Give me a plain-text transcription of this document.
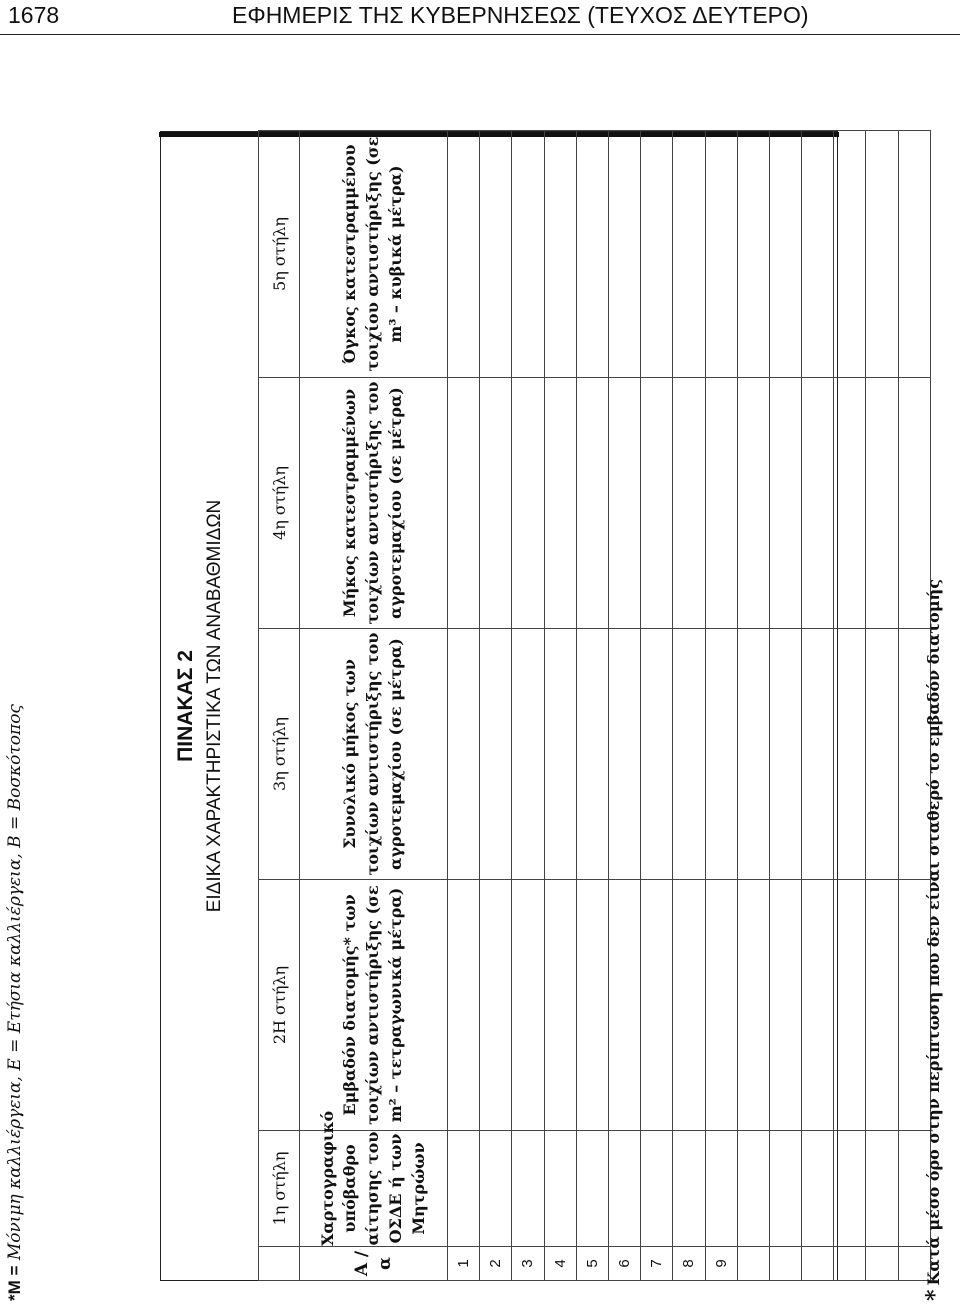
1678	ΕΦΗΜΕΡΙΣ ΤΗΣ ΚΥΒΕΡΝΗΣΕΩΣ (ΤΕΥΧΟΣ ΔΕΥΤΕΡΟ)
*Μ = Μόνιμη καλλιέργεια, Ε = Ετήσια καλλιέργεια, Β = Βοσκότοπος	ΠΙΝΑΚΑΣ 2 ΕΙΔΙΚΑ ΧΑΡΑΚΤΗΡΙΣΤΙΚΑ ΤΩΝ ΑΝΑΒΑΘΜΙΔΩΝ
	1η στήλη	2Η στήλη	3η στήλη	4η στήλη	5η στήλη
Α / α	Χαρτογραφικό υπόβαθρο αίτησης του ΟΣΔΕ ή των Μητρώων	Εμβαδόν διατομής* των τοιχίων αντιστήριξης (σε m² – τετραγωνικά μέτρα)	Συνολικό μήκος των τοιχίων αντιστήριξης του αγροτεμαχίου (σε μέτρα)	Μήκος κατεστραμμένων τοιχίων αντιστήριξης του αγροτεμαχίου (σε μέτρα)	Όγκος κατεστραμμένου τοιχίου αντιστήριξης (σε m³ – κυβικά μέτρα)
1					
2					
3					
4					
5					
6					
7					
8					
9					

*Κατά μέσο όρο στην περίπτωση που δεν είναι σταθερό το εμβαδόν διατομής
